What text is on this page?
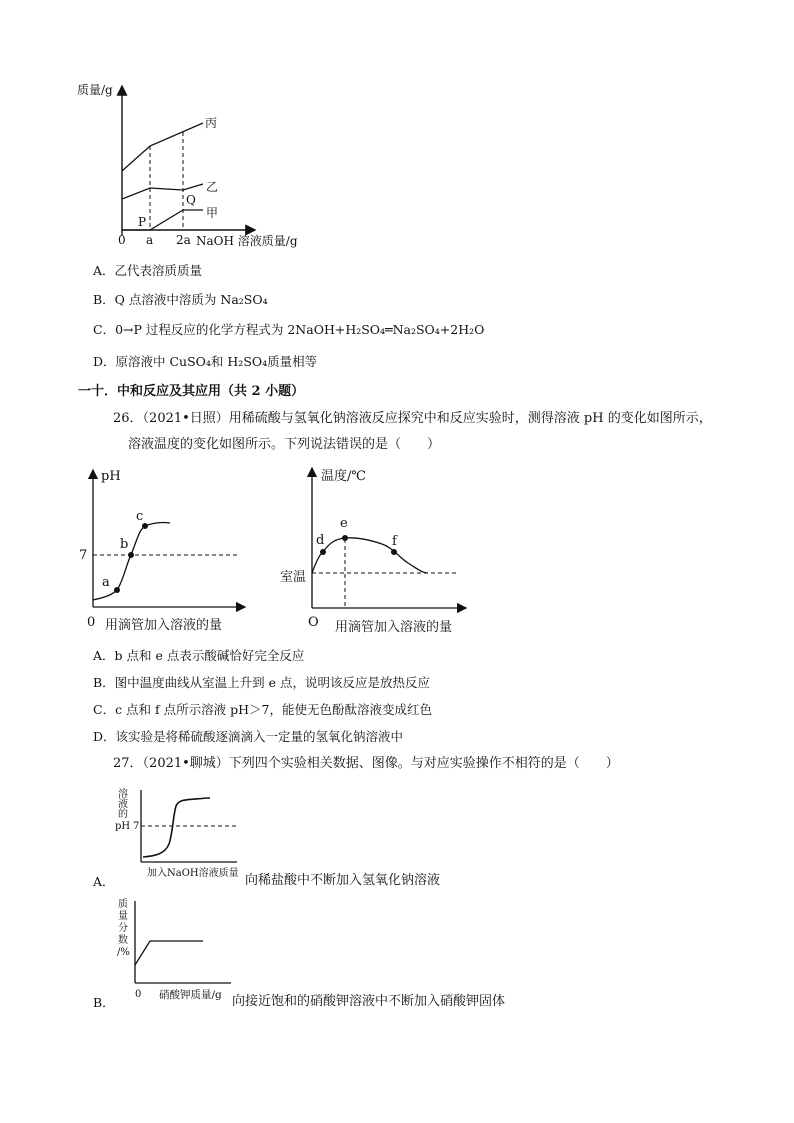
质量/g
丙
乙
甲
P
Q
0 a 2a NaOH 溶液质量/g
A．乙代表溶质质量
B．Q 点溶液中溶质为 Na₂SO₄
C．0→P 过程反应的化学方程式为 2NaOH+H₂SO₄═Na₂SO₄+2H₂O
D．原溶液中 CuSO₄和 H₂SO₄质量相等
一十．中和反应及其应用（共 2 小题）
26．（2021•日照）用稀硫酸与氢氧化钠溶液反应探究中和反应实验时，测得溶液 pH 的变化如图所示，
溶液温度的变化如图所示。下列说法错误的是（　　）
pH
7
a
b
c
0 用滴管加入溶液的量
温度/℃
室温
d
e
f
O 用滴管加入溶液的量
A．b 点和 e 点表示酸碱恰好完全反应
B．图中温度曲线从室温上升到 e 点，说明该反应是放热反应
C．c 点和 f 点所示溶液 pH＞7，能使无色酚酞溶液变成红色
D．该实验是将稀硫酸逐滴滴入一定量的氢氧化钠溶液中
27．（2021•聊城）下列四个实验相关数据、图像。与对应实验操作不相符的是（　　）
溶液的 pH 7
加入NaOH溶液质量
A．	向稀盐酸中不断加入氢氧化钠溶液
质量分数/%
0 硝酸钾质量/g
B．	向接近饱和的硝酸钾溶液中不断加入硝酸钾固体
